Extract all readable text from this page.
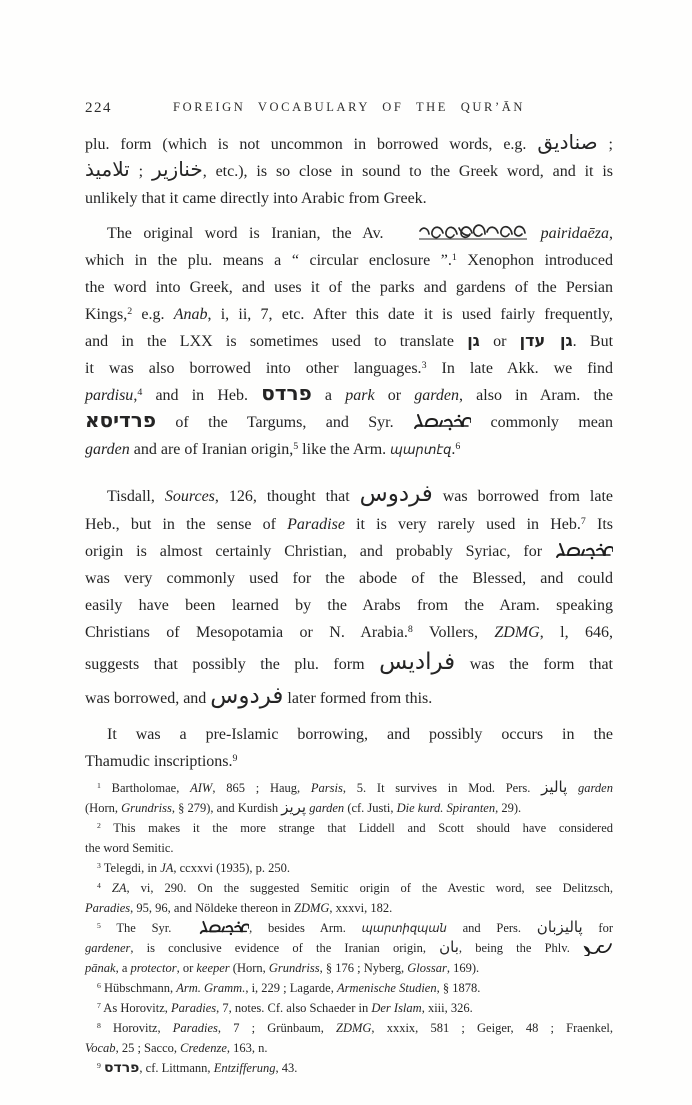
224	FOREIGN VOCABULARY OF THE QUR’ĀN
plu. form (which is not uncommon in borrowed words, e.g. صناديق ;
خنازير ; تلاميذ	, etc.), is so close in sound to the Greek word, and it is
unlikely that it came directly into Arabic from Greek.
The original word is Iranian, the Av.	pairidaēza,
which in the plu. means a “ circular enclosure ”.$^1$ Xenophon introduced
the word into Greek, and uses it of the parks and gardens of the Persian
Kings,$^2$ e.g. Anab, i, ii, 7, etc. After this date it is used fairly frequently,
and in the LXX is sometimes used to translate גן or גן עדן. But
it was also borrowed into other languages.$^3$ In late Akk. we find
pardisu,$^4$ and in Heb. פרדס a park or garden, also in Aram. the
פרדיסא of the Targums, and Syr.	commonly mean
garden and are of Iranian origin,$^5$ like the Arm. պարտէզ.$^6$
Tisdall, Sources, 126, thought that فردوس was borrowed from late
Heb., but in the sense of Paradise it is very rarely used in Heb.$^7$ Its
origin is almost certainly Christian, and probably Syriac, for
was very commonly used for the abode of the Blessed, and could
easily have been learned by the Arabs from the Aram. speaking
Christians of Mesopotamia or N. Arabia.$^8$ Vollers, ZDMG, l, 646,
suggests that possibly the plu. form فراديس was the form that
was borrowed, and فردوس later formed from this.
It was a pre-Islamic borrowing, and possibly occurs in the
Thamudic inscriptions.$^9$
$^1$ Bartholomae, AIW, 865 ; Haug, Parsis, 5. It survives in Mod. Pers. پالیز garden
(Horn, Grundriss, § 279), and Kurdish پریز garden (cf. Justi, Die kurd. Spiranten, 29).
$^2$ This makes it the more strange that Liddell and Scott should have considered
the word Semitic.
$^3$ Telegdi, in JA, ccxxvi (1935), p. 250.
$^4$ ZA, vi, 290. On the suggested Semitic origin of the Avestic word, see Delitzsch,
Paradies, 95, 96, and Nöldeke thereon in ZDMG, xxxvi, 182.
$^5$ The Syr.	, besides Arm. պարտիզպան and Pers. پالیزبان for
gardener, is conclusive evidence of the Iranian origin, بان, being the Phlv.
pānak, a protector, or keeper (Horn, Grundriss, § 176 ; Nyberg, Glossar, 169).
$^6$ Hübschmann, Arm. Gramm., i, 229 ; Lagarde, Armenische Studien, § 1878.
$^7$ As Horovitz, Paradies, 7, notes. Cf. also Schaeder in Der Islam, xiii, 326.
$^8$ Horovitz, Paradies, 7 ; Grünbaum, ZDMG, xxxix, 581 ; Geiger, 48 ; Fraenkel,
Vocab, 25 ; Sacco, Credenze, 163, n.
$^9$ פרדס, cf. Littmann, Entzifferung, 43.
